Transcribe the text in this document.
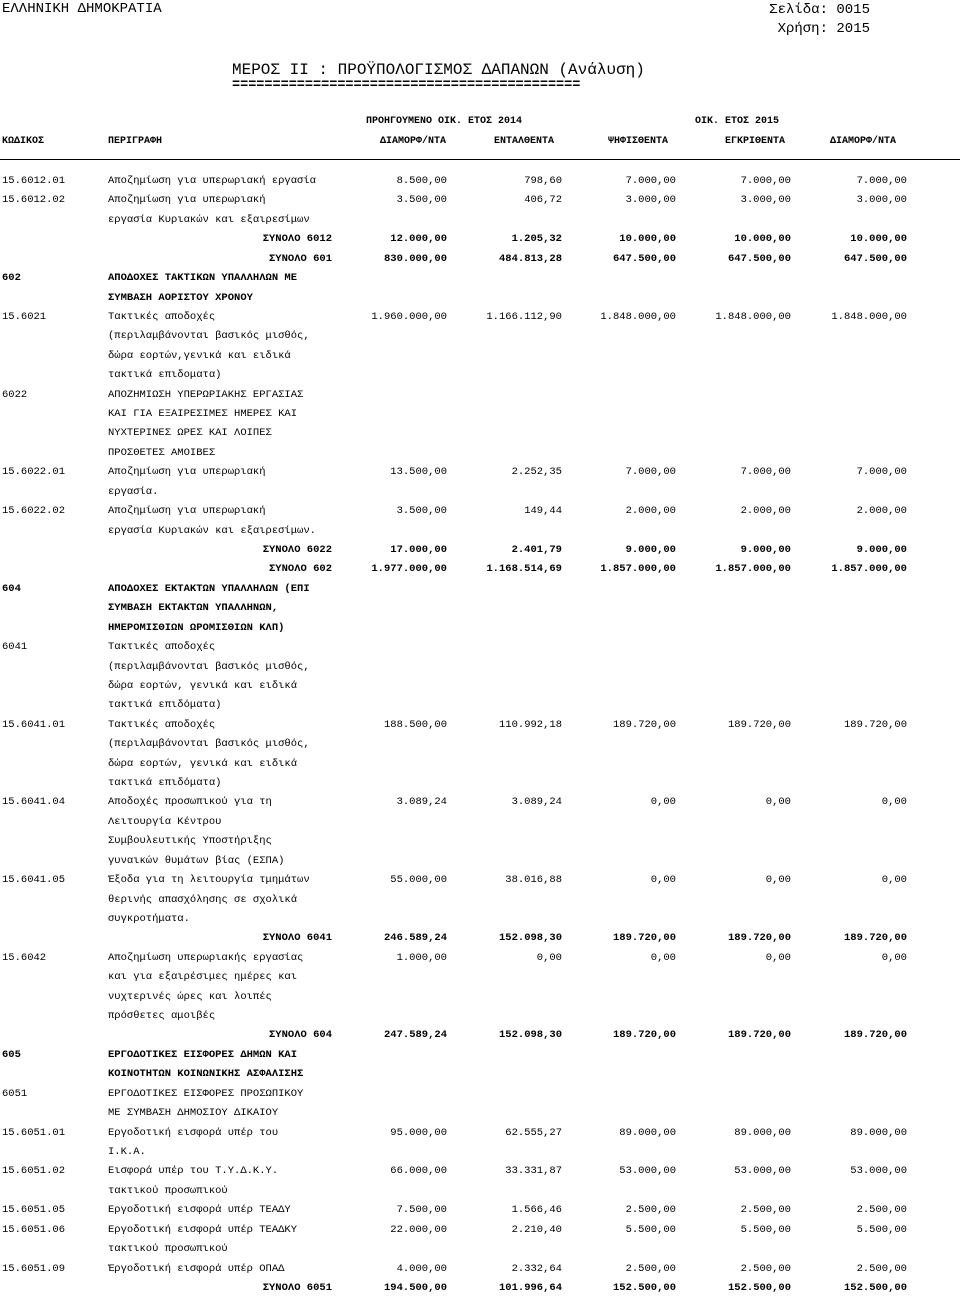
ΕΛΛΗΝΙΚΗ ΔΗΜΟΚΡΑΤΙΑ	Σελίδα: 0015
Χρήση: 2015
ΜΕΡΟΣ ΙΙ : ΠΡΟΫΠΟΛΟΓΙΣΜΟΣ ΔΑΠΑΝΩΝ (Ανάλυση)
===========================================
ΠΡΟΗΓΟΥΜΕΝΟ ΟΙΚ. ΕΤΟΣ 2014	ΟΙΚ. ΕΤΟΣ 2015
ΚΩΔΙΚΟΣ	ΠΕΡΙΓΡΑΦΗ	ΔΙΑΜΟΡΦ/ΝΤΑ	ΕΝΤΑΛΘΕΝΤΑ	ΨΗΦΙΣΘΕΝΤΑ	ΕΓΚΡΙΘΕΝΤΑ	ΔΙΑΜΟΡΦ/ΝΤΑ
15.6012.01	Αποζημίωση για υπερωριακή εργασία	8.500,00	798,60	7.000,00	7.000,00	7.000,00
15.6012.02	Αποζημίωση για υπερωριακή	3.500,00	406,72	3.000,00	3.000,00	3.000,00
εργασία Κυριακών και εξαιρεσίμων
ΣΥΝΟΛΟ 6012	12.000,00	1.205,32	10.000,00	10.000,00	10.000,00
ΣΥΝΟΛΟ 601	830.000,00	484.813,28	647.500,00	647.500,00	647.500,00
602	ΑΠΟΔΟΧΕΣ ΤΑΚΤΙΚΩΝ ΥΠΑΛΛΗΛΩΝ ΜΕ
ΣΥΜΒΑΣΗ ΑΟΡΙΣΤΟΥ ΧΡΟΝΟΥ
15.6021	Τακτικές αποδοχές	1.960.000,00	1.166.112,90	1.848.000,00	1.848.000,00	1.848.000,00
(περιλαμβάνονται βασικός μισθός,
δώρα εορτών,γενικά και ειδικά
τακτικά επιδοματα)
6022	ΑΠΟΖΗΜΙΩΣΗ ΥΠΕΡΩΡΙΑΚΗΣ ΕΡΓΑΣΙΑΣ
ΚΑΙ ΓΙΑ ΕΞΑΙΡΕΣΙΜΕΣ ΗΜΕΡΕΣ ΚΑΙ
ΝΥΧΤΕΡΙΝΕΣ ΩΡΕΣ ΚΑΙ ΛΟΙΠΕΣ
ΠΡΟΣΘΕΤΕΣ ΑΜΟΙΒΕΣ
15.6022.01	Αποζημίωση για υπερωριακή	13.500,00	2.252,35	7.000,00	7.000,00	7.000,00
εργασία.
15.6022.02	Αποζημίωση για υπερωριακή	3.500,00	149,44	2.000,00	2.000,00	2.000,00
εργασία Κυριακών και εξαιρεσίμων.
ΣΥΝΟΛΟ 6022	17.000,00	2.401,79	9.000,00	9.000,00	9.000,00
ΣΥΝΟΛΟ 602	1.977.000,00	1.168.514,69	1.857.000,00	1.857.000,00	1.857.000,00
604	ΑΠΟΔΟΧΕΣ ΕΚΤΑΚΤΩΝ ΥΠΑΛΛΗΛΩΝ (ΕΠΙ
ΣΥΜΒΑΣΗ ΕΚΤΑΚΤΩΝ ΥΠΑΛΛΗΝΩΝ,
ΗΜΕΡΟΜΙΣΘΙΩΝ ΩΡΟΜΙΣΘΙΩΝ ΚΛΠ)
6041	Τακτικές αποδοχές
(περιλαμβάνονται βασικός μισθός,
δώρα εορτών, γενικά και ειδικά
τακτικά επιδόματα)
15.6041.01	Τακτικές αποδοχές	188.500,00	110.992,18	189.720,00	189.720,00	189.720,00
(περιλαμβάνονται βασικός μισθός,
δώρα εορτών, γενικά και ειδικά
τακτικά επιδόματα)
15.6041.04	Αποδοχές προσωπικού για τη	3.089,24	3.089,24	0,00	0,00	0,00
Λειτουργία Κέντρου
Συμβουλευτικής Υποστήριξης
γυναικών θυμάτων βίας (ΕΣΠΑ)
15.6041.05	Έξοδα για τη λειτουργία τμημάτων	55.000,00	38.016,88	0,00	0,00	0,00
θερινής απασχόλησης σε σχολικά
συγκροτήματα.
ΣΥΝΟΛΟ 6041	246.589,24	152.098,30	189.720,00	189.720,00	189.720,00
15.6042	Αποζημίωση υπερωριακής εργασίας	1.000,00	0,00	0,00	0,00	0,00
και για εξαιρέσιμες ημέρες και
νυχτερινές ώρες και λοιπές
πρόσθετες αμοιβές
ΣΥΝΟΛΟ 604	247.589,24	152.098,30	189.720,00	189.720,00	189.720,00
605	ΕΡΓΟΔΟΤΙΚΕΣ ΕΙΣΦΟΡΕΣ ΔΗΜΩΝ ΚΑΙ
ΚΟΙΝΟΤΗΤΩΝ ΚΟΙΝΩΝΙΚΗΣ ΑΣΦΑΛΙΣΗΣ
6051	ΕΡΓΟΔΟΤΙΚΕΣ ΕΙΣΦΟΡΕΣ ΠΡΟΣΩΠΙΚΟΥ
ΜΕ ΣΥΜΒΑΣΗ ΔΗΜΟΣΙΟΥ ΔΙΚΑΙΟΥ
15.6051.01	Εργοδοτική εισφορά υπέρ του	95.000,00	62.555,27	89.000,00	89.000,00	89.000,00
Ι.Κ.Α.
15.6051.02	Εισφορά υπέρ του Τ.Υ.Δ.Κ.Υ.	66.000,00	33.331,87	53.000,00	53.000,00	53.000,00
τακτικού προσωπικού
15.6051.05	Εργοδοτική εισφορά υπέρ ΤΕΑΔΥ	7.500,00	1.566,46	2.500,00	2.500,00	2.500,00
15.6051.06	Εργοδοτική εισφορά υπέρ ΤΕΑΔΚΥ	22.000,00	2.210,40	5.500,00	5.500,00	5.500,00
τακτικού προσωπικού
15.6051.09	Έργοδοτική εισφορά υπέρ ΟΠΑΔ	4.000,00	2.332,64	2.500,00	2.500,00	2.500,00
ΣΥΝΟΛΟ 6051	194.500,00	101.996,64	152.500,00	152.500,00	152.500,00
